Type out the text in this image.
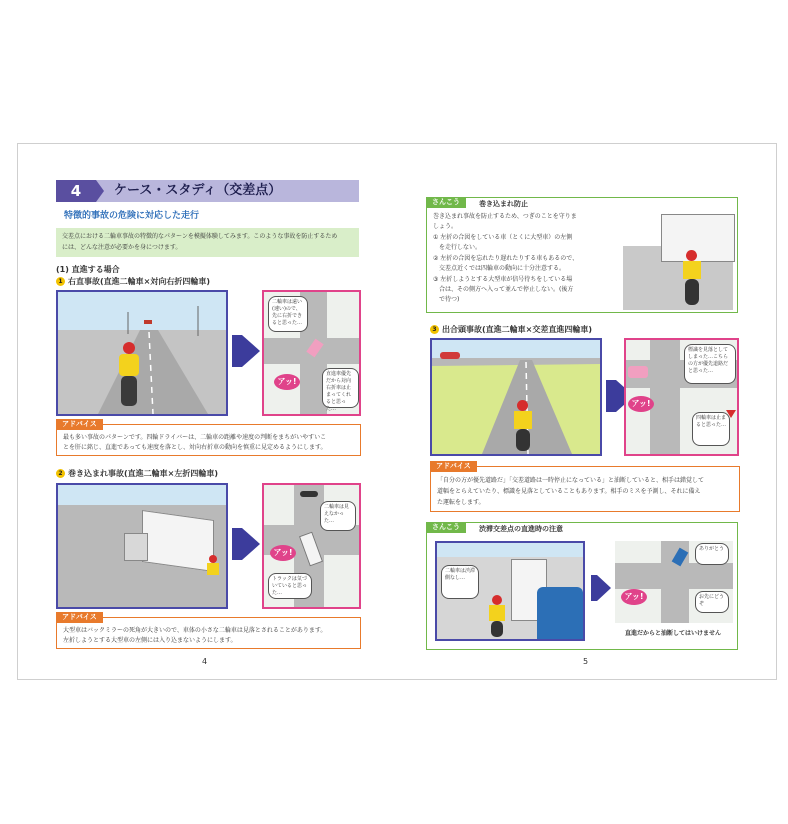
4	ケース・スタディ（交差点）
特徴的事故の危険に対応した走行
交差点における二輪車事故の特徴的なパターンを模擬体験してみます。このような事故を防止するため
には、どんな注意が必要かを身につけます。
(1) 直進する場合
1 右直事故(直進二輪車×対向右折四輪車)
二輪車は遠い(速い)ので、先に右折できると思った…
直進車優先だから対向右折車は止まってくれると思った…
アッ!
アドバイス
最も多い事故のパターンです。四輪ドライバーは、二輪車の距離や速度の判断をまちがいやすいこ
とを肝に銘じ、直進であっても速度を落とし、対向右折車の動向を慎重に見定めるようにします。
2 巻き込まれ事故(直進二輪車×左折四輪車)
二輪車は見えなかった…
トラックは気づいていると思った…
アッ!
アドバイス
大型車はバックミラーの死角が大きいので、車体の小さな二輪車は見落とされることがあります。
左折しようとする大型車の左側には入り込まないようにします。
4
さんこう	巻き込まれ防止
巻き込まれ事故を防止するため、つぎのことを守りま
しょう。
① 左折の合図をしている車（とくに大型車）の左側
　を走行しない。
② 左折の合図を忘れたり遅れたりする車もあるので、
　交差点近くでは四輪車の動向に十分注意する。
③ 左折しようとする大型車が信号待ちをしている場
　合は、その側方へ入って並んで停止しない。(後方
　で待つ)
3 出合頭事故(直進二輪車×交差直進四輪車)
標識を見落としてしまった…こちらの方が優先道路だと思った…
四輪車は止まると思った…
アッ!
アドバイス
「自分の方が優先道路だ」「交差道路は一時停止になっている」と油断していると、相手は錯覚して
道幅をとらえていたり、標識を見落としていることもあります。相手のミスを予測し、それに備え
た運転をします。
さんこう	渋滞交差点の直進時の注意
二輪車は渋滞側なし…
ありがとう
お先にどうぞ
アッ!
直進だからと油断してはいけません
5
